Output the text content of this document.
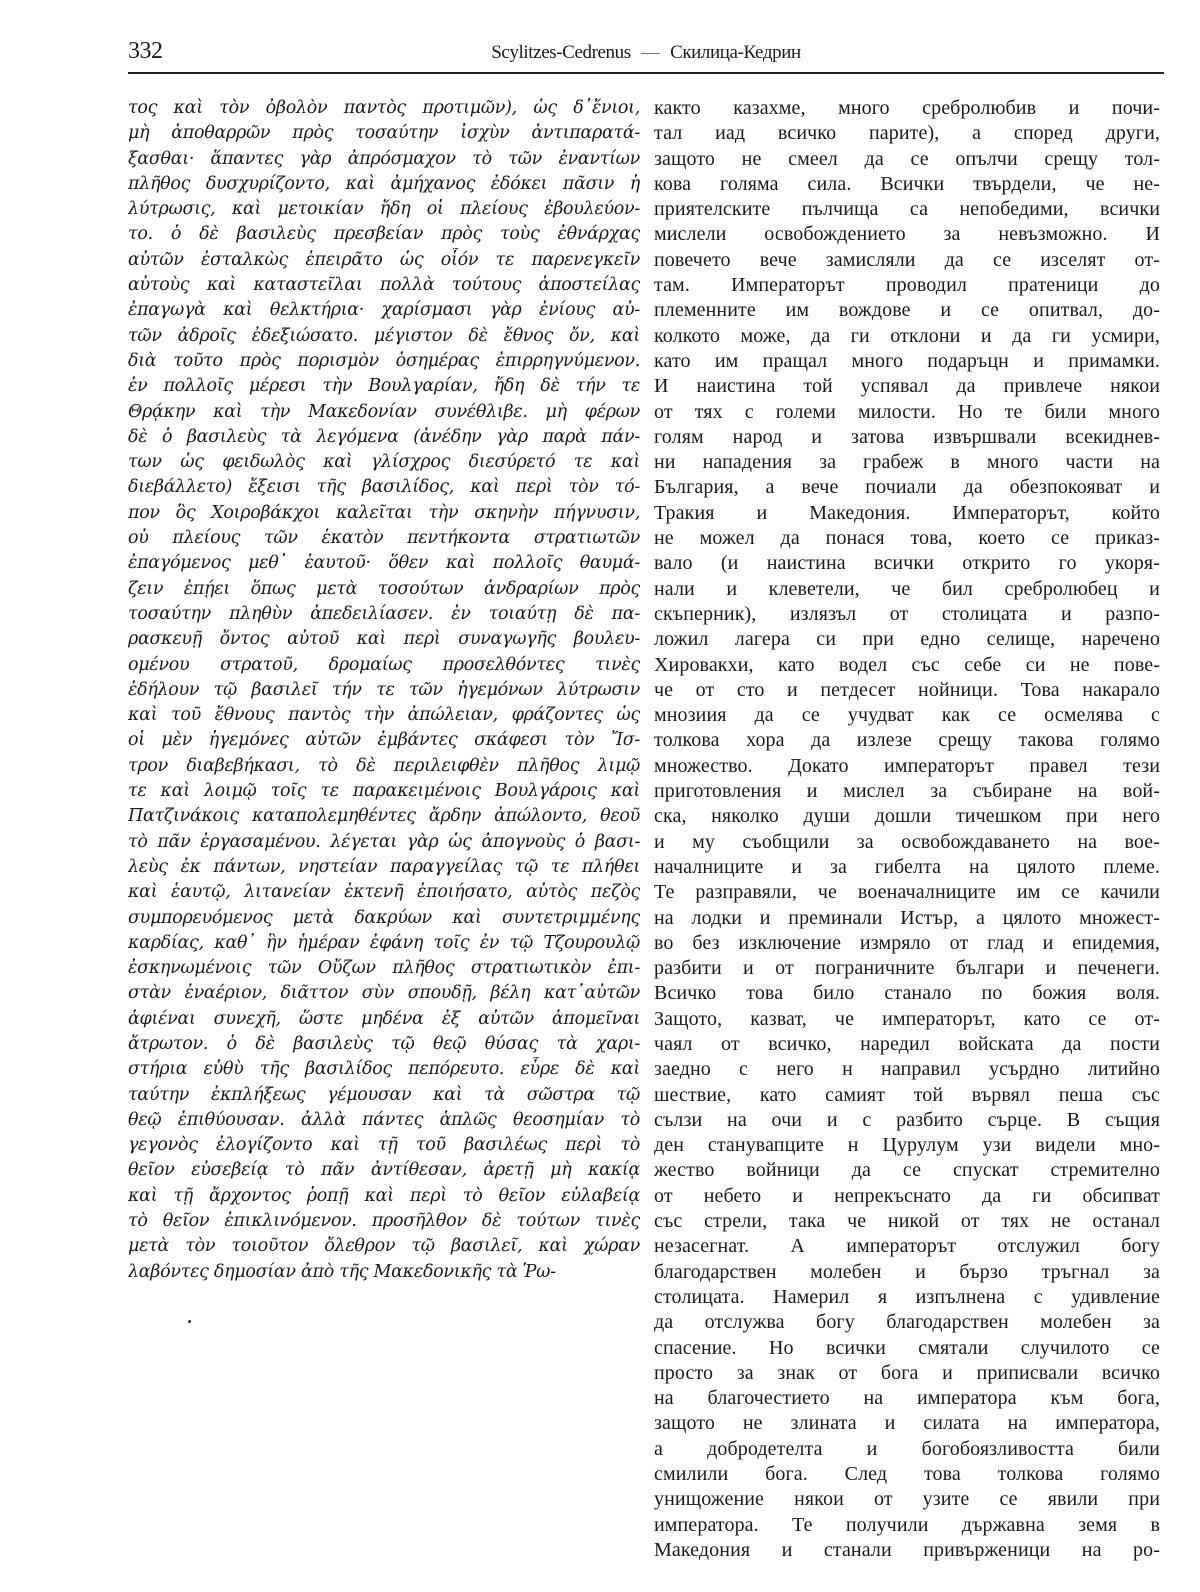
332	Scylitzes-Cedrenus — Скилица-Кедрин
τος καὶ τὸν ὀβολὸν παντὸς προτιμῶν), ὡς δ᾽ἔνιοι,
μὴ ἀποθαρρῶν πρὸς τοσαύτην ἰσχὺν ἀντιπαρατά-
ξασθαι· ἅπαντες γὰρ ἀπρόσμαχον τὸ τῶν ἐναντίων
πλῆθος δυσχυρίζοντο, καὶ ἀμήχανος ἐδόκει πᾶσιν ἡ
λύτρωσις, καὶ μετοικίαν ἤδη οἱ πλείους ἐβουλεύον-
το. ὁ δὲ βασιλεὺς πρεσβείαν πρὸς τοὺς ἐθνάρχας
αὐτῶν ἐσταλκὼς ἐπειρᾶτο ὡς οἷόν τε παρενεγκεῖν
αὐτοὺς καὶ καταστεῖλαι πολλὰ τούτους ἀποστείλας
ἐπαγωγὰ καὶ θελκτήρια· χαρίσμασι γὰρ ἐνίους αὐ-
τῶν ἀδροῖς ἐδεξιώσατο. μέγιστον δὲ ἔθνος ὄν, καὶ
διὰ τοῦτο πρὸς πορισμὸν ὁσημέρας ἐπιρρηγνύμενον.
ἐν πολλοῖς μέρεσι τὴν Βουλγαρίαν, ἤδη δὲ τήν τε
Θρᾴκην καὶ τὴν Μακεδονίαν συνέθλιβε. μὴ φέρων
δὲ ὁ βασιλεὺς τὰ λεγόμενα (ἀνέδην γὰρ παρὰ πάν-
των ὡς φειδωλὸς καὶ γλίσχρος διεσύρετό τε καὶ
διεβάλλετο) ἔξεισι τῆς βασιλίδος, καὶ περὶ τὸν τό-
πον ὃς Χοιροβάκχοι καλεῖται τὴν σκηνὴν πήγνυσιν,
οὐ πλείους τῶν ἑκατὸν πεντήκοντα στρατιωτῶν
ἐπαγόμενος μεθ᾽ ἑαυτοῦ· ὅθεν καὶ πολλοῖς θαυμά-
ζειν ἐπῄει ὅπως μετὰ τοσούτων ἀνδραρίων πρὸς
τοσαύτην πληθὺν ἀπεδειλίασεν. ἐν τοιαύτῃ δὲ πα-
ρασκευῇ ὄντος αὐτοῦ καὶ περὶ συναγωγῆς βουλευ-
ομένου στρατοῦ, δρομαίως προσελθόντες τινὲς
ἐδήλουν τῷ βασιλεῖ τήν τε τῶν ἡγεμόνων λύτρωσιν
καὶ τοῦ ἔθνους παντὸς τὴν ἀπώλειαν, φράζοντες ὡς
οἱ μὲν ἡγεμόνες αὐτῶν ἐμβάντες σκάφεσι τὸν Ἴσ-
τρον διαβεβήκασι, τὸ δὲ περιλειφθὲν πλῆθος λιμῷ
τε καὶ λοιμῷ τοῖς τε παρακειμένοις Βουλγάροις καὶ
Πατζινάκοις καταπολεμηθέντες ἄρδην ἀπώλοντο, θεοῦ
τὸ πᾶν ἐργασαμένου. λέγεται γὰρ ὡς ἀπογνοὺς ὁ βασι-
λεὺς ἐκ πάντων, νηστείαν παραγγείλας τῷ τε πλήθει
καὶ ἑαυτῷ, λιτανείαν ἐκτενῆ ἐποιήσατο, αὐτὸς πεζὸς
συμπορευόμενος μετὰ δακρύων καὶ συντετριμμένης
καρδίας, καθ᾽ ἣν ἡμέραν ἐφάνη τοῖς ἐν τῷ Τζουρουλῷ
ἐσκηνωμένοις τῶν Οὔζων πλῆθος στρατιωτικὸν ἐπι-
στὰν ἐναέριον, διᾶττον σὺν σπουδῇ, βέλη κατ᾽αὐτῶν
ἀφιέναι συνεχῆ, ὥστε μηδένα ἐξ αὐτῶν ἀπομεῖναι
ἄτρωτον. ὁ δὲ βασιλεὺς τῷ θεῷ θύσας τὰ χαρι-
στήρια εὐθὺ τῆς βασιλίδος πεπόρευτο. εὗρε δὲ καὶ
ταύτην ἐκπλήξεως γέμουσαν καὶ τὰ σῶστρα τῷ
θεῷ ἐπιθύουσαν. ἀλλὰ πάντες ἁπλῶς θεοσημίαν τὸ
γεγονὸς ἐλογίζοντο καὶ τῇ τοῦ βασιλέως περὶ τὸ
θεῖον εὐσεβείᾳ τὸ πᾶν ἀντίθεσαν, ἀρετῇ μὴ κακίᾳ
καὶ τῇ ἄρχοντος ῥοπῇ καὶ περὶ τὸ θεῖον εὐλαβείᾳ
τὸ θεῖον ἐπικλινόμενον. προσῆλθον δὲ τούτων τινὲς
μετὰ τὸν τοιοῦτον ὄλεθρον τῷ βασιλεῖ, καὶ χώραν
λαβόντες δημοσίαν ἀπὸ τῆς Μακεδονικῆς τὰ Ῥω-
както казахме, много сребролюбив и почи-
тал иад всичко парите), а според други,
защото не смеел да се опълчи срещу тол-
кова голяма сила. Всички твърдели, че не-
приятелските пълчища са непобедими, всички
мислели освобождението за невъзможно. И
повечето вече замисляли да се изселят от-
там. Императорът проводил пратеници до
племенните им вождове и се опитвал, до-
колкото може, да ги отклони и да ги усмири,
като им пращал много подаръцн и примамки.
И наистина той успявал да привлече някои
от тях с големи милости. Но те били много
голям народ и затова извършвали всекиднев-
ни нападения за грабеж в много части на
България, а вече почиали да обезпокояват и
Тракия и Македония. Императорът, който
не можел да понася това, което се приказ-
вало (и наистина всички открито го укоря-
нали и клеветели, че бил сребролюбец и
скъперник), излязъл от столицата и разпо-
ложил лагера си при едно селище, наречено
Хировакхи, като водел със себе си не пове-
че от сто и петдесет нойници. Това накарало
мнозиия да се учудват как се осмелява с
толкова хора да излезе срещу такова голямо
множество. Докато императорът правел тези
приготовления и мислел за събиране на вой-
ска, няколко души дошли тичешком при него
и му съобщили за освобождаването на вое-
началниците и за гибелта на цялото племе.
Те разправяли, че военачалниците им се качили
на лодки и преминали Истър, а цялото множест-
во без изключение измряло от глад и епидемия,
разбити и от пограничните българи и печенеги.
Всичко това било станало по божия воля.
Защото, казват, че императорът, като се от-
чаял от всичко, наредил войската да пости
заедно с него н направил усърдно литийно
шествие, като самият той вървял пеша със
сълзи на очи и с разбито сърце. В същия
ден станувапците н Цурулум узи видели мно-
жество войници да се спускат стремително
от небето и непрекъснато да ги обсипват
със стрели, така че никой от тях не останал
незасегнат. А императорът отслужил богу
благодарствен молебен и бързо тръгнал за
столицата. Намерил я изпълнена с удивление
да отслужва богу благодарствен молебен за
спасение. Но всички смятали случилото се
просто за знак от бога и приписвали всичко
на благочестието на императора към бога,
защото не злината и силата на императора,
а добродетелта и богобоязливостта били
смилили бога. След това толкова голямо
унищожение някои от узите се явили при
императора. Те получили държавна земя в
Македония и станали привърженици на ро-
